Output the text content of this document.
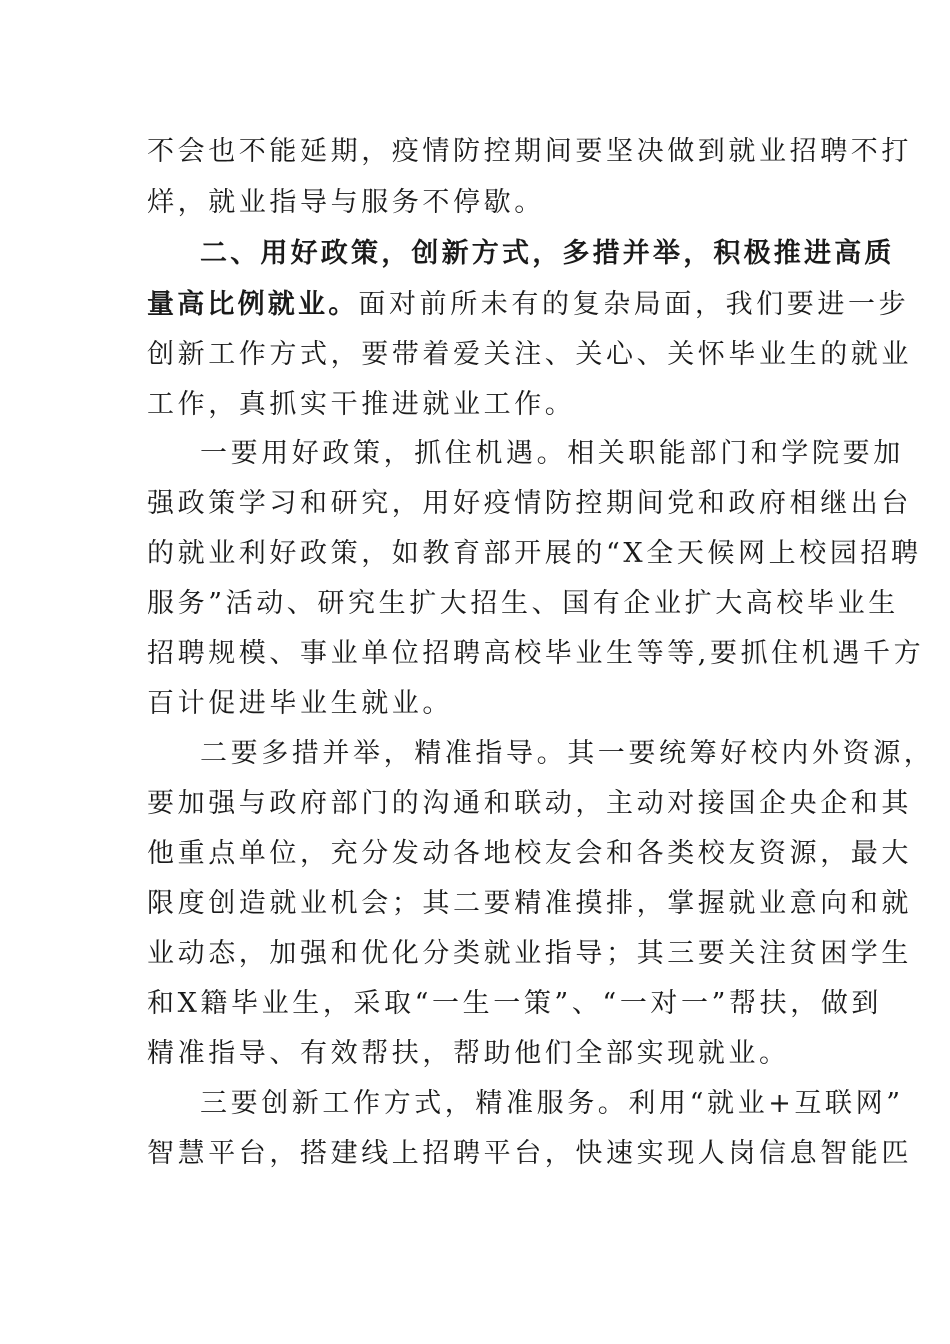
不会也不能延期，疫情防控期间要坚决做到就业招聘不打
烊，就业指导与服务不停歇。
二、用好政策，创新方式，多措并举，积极推进高质
量高比例就业。面对前所未有的复杂局面，我们要进一步
创新工作方式，要带着爱关注、关心、关怀毕业生的就业
工作，真抓实干推进就业工作。
一要用好政策，抓住机遇。相关职能部门和学院要加
强政策学习和研究，用好疫情防控期间党和政府相继出台
的就业利好政策，如教育部开展的“X全天候网上校园招聘
服务”活动、研究生扩大招生、国有企业扩大高校毕业生
招聘规模、事业单位招聘高校毕业生等等,要抓住机遇千方
百计促进毕业生就业。
二要多措并举，精准指导。其一要统筹好校内外资源，
要加强与政府部门的沟通和联动，主动对接国企央企和其
他重点单位，充分发动各地校友会和各类校友资源，最大
限度创造就业机会；其二要精准摸排，掌握就业意向和就
业动态，加强和优化分类就业指导；其三要关注贫困学生
和X籍毕业生，采取“一生一策”、“一对一”帮扶，做到
精准指导、有效帮扶，帮助他们全部实现就业。
三要创新工作方式，精准服务。利用“就业+互联网”
智慧平台，搭建线上招聘平台，快速实现人岗信息智能匹
